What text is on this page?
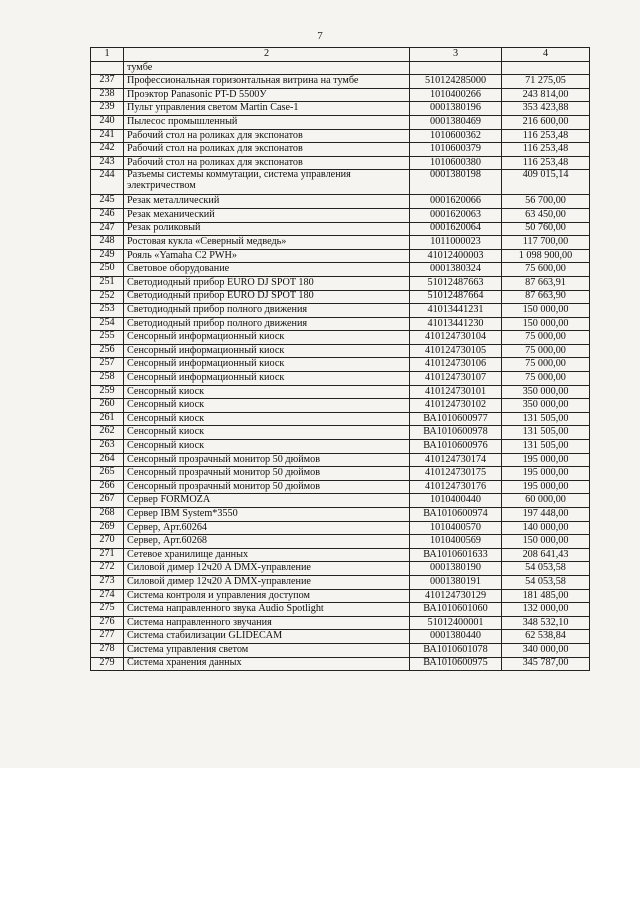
7
1	2	3	4
	тумбе		
237	Профессиональная горизонтальная витрина на тумбе	510124285000	71 275,05
238	Проэктор Panasonic PT-D 5500У	1010400266	243 814,00
239	Пульт управления светом Martin Case-1	0001380196	353 423,88
240	Пылесос промышленный	0001380469	216 600,00
241	Рабочий стол на роликах для экспонатов	1010600362	116 253,48
242	Рабочий стол на роликах для экспонатов	1010600379	116 253,48
243	Рабочий стол на роликах для экспонатов	1010600380	116 253,48
244	Разъемы системы коммутации, система управления электричеством	0001380198	409 015,14
245	Резак металлический	0001620066	56 700,00
246	Резак механический	0001620063	63 450,00
247	Резак роликовый	0001620064	50 760,00
248	Ростовая кукла «Северный медведь»	1011000023	117 700,00
249	Рояль «Yamaha C2 PWH»	41012400003	1 098 900,00
250	Световое оборудование	0001380324	75 600,00
251	Светодиодный прибор EURO DJ SPOT 180	51012487663	87 663,91
252	Светодиодный прибор EURO DJ SPOT 180	51012487664	87 663,90
253	Светодиодный прибор полного движения	41013441231	150 000,00
254	Светодиодный прибор полного движения	41013441230	150 000,00
255	Сенсорный информационный киоск	410124730104	75 000,00
256	Сенсорный информационный киоск	410124730105	75 000,00
257	Сенсорный информационный киоск	410124730106	75 000,00
258	Сенсорный информационный киоск	410124730107	75 000,00
259	Сенсорный киоск	410124730101	350 000,00
260	Сенсорный киоск	410124730102	350 000,00
261	Сенсорный киоск	ВА1010600977	131 505,00
262	Сенсорный киоск	ВА1010600978	131 505,00
263	Сенсорный киоск	ВА1010600976	131 505,00
264	Сенсорный прозрачный монитор 50 дюймов	410124730174	195 000,00
265	Сенсорный прозрачный монитор 50 дюймов	410124730175	195 000,00
266	Сенсорный прозрачный монитор 50 дюймов	410124730176	195 000,00
267	Сервер FORMOZA	1010400440	60 000,00
268	Сервер IBM System*3550	ВА1010600974	197 448,00
269	Сервер, Арт.60264	1010400570	140 000,00
270	Сервер, Арт.60268	1010400569	150 000,00
271	Сетевое хранилище данных	ВА1010601633	208 641,43
272	Силовой димер 12ч20 A DMX-управление	0001380190	54 053,58
273	Силовой димер 12ч20 A DMX-управление	0001380191	54 053,58
274	Система контроля и управления доступом	410124730129	181 485,00
275	Система направленного звука Audio Spotlight	ВА1010601060	132 000,00
276	Система направленного звучания	51012400001	348 532,10
277	Система стабилизации GLIDECAM	0001380440	62 538,84
278	Система управления светом	ВА1010601078	340 000,00
279	Система хранения данных	ВА1010600975	345 787,00
